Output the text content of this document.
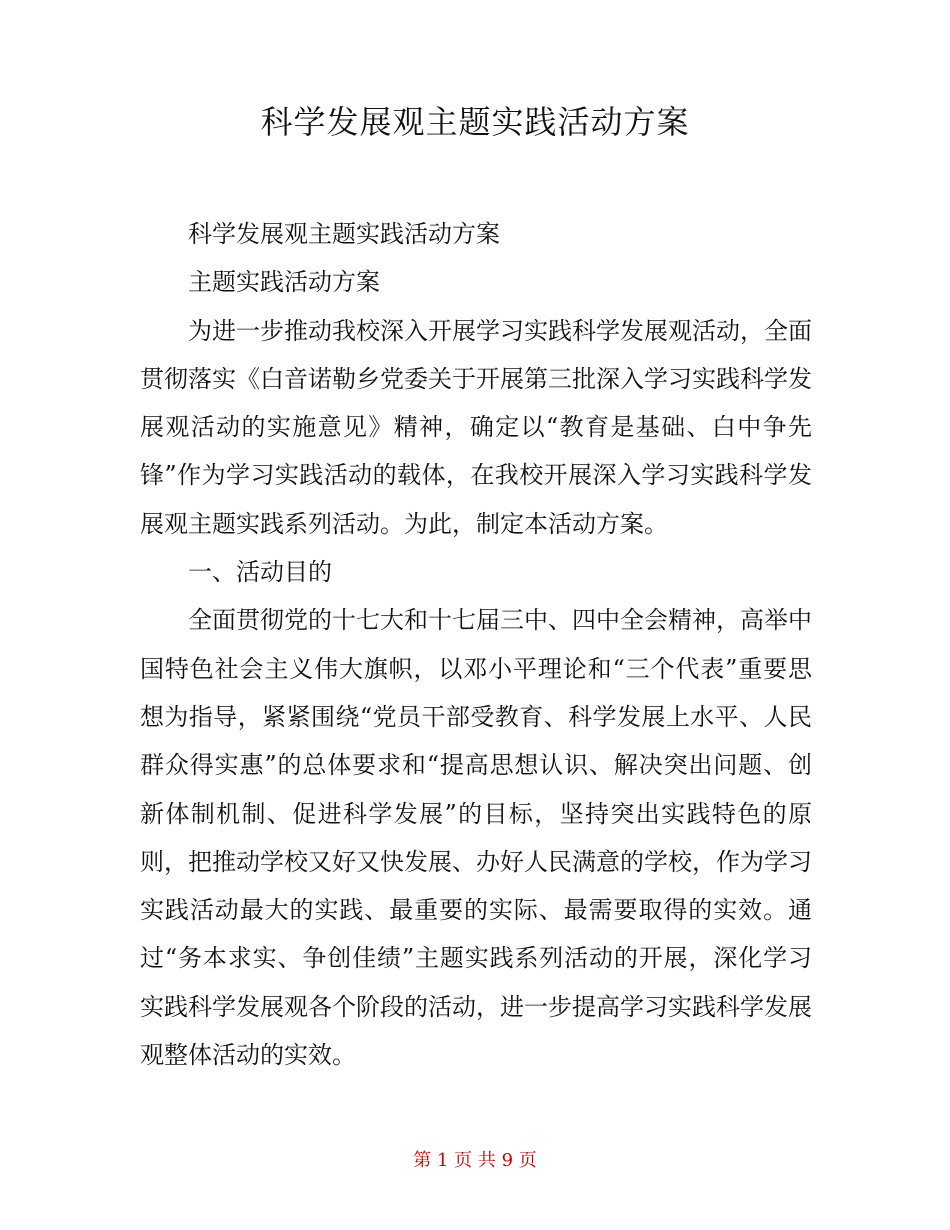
科学发展观主题实践活动方案

科学发展观主题实践活动方案

主题实践活动方案

为进一步推动我校深入开展学习实践科学发展观活动，全面贯彻落实《白音诺勒乡党委关于开展第三批深入学习实践科学发展观活动的实施意见》精神，确定以“教育是基础、白中争先锋”作为学习实践活动的载体，在我校开展深入学习实践科学发展观主题实践系列活动。为此，制定本活动方案。

一、活动目的

全面贯彻党的十七大和十七届三中、四中全会精神，高举中国特色社会主义伟大旗帜，以邓小平理论和“三个代表”重要思想为指导，紧紧围绕“党员干部受教育、科学发展上水平、人民群众得实惠”的总体要求和“提高思想认识、解决突出问题、创新体制机制、促进科学发展”的目标，坚持突出实践特色的原则，把推动学校又好又快发展、办好人民满意的学校，作为学习实践活动最大的实践、最重要的实际、最需要取得的实效。通过“务本求实、争创佳绩”主题实践系列活动的开展，深化学习实践科学发展观各个阶段的活动，进一步提高学习实践科学发展观整体活动的实效。

第 1 页 共 9 页
